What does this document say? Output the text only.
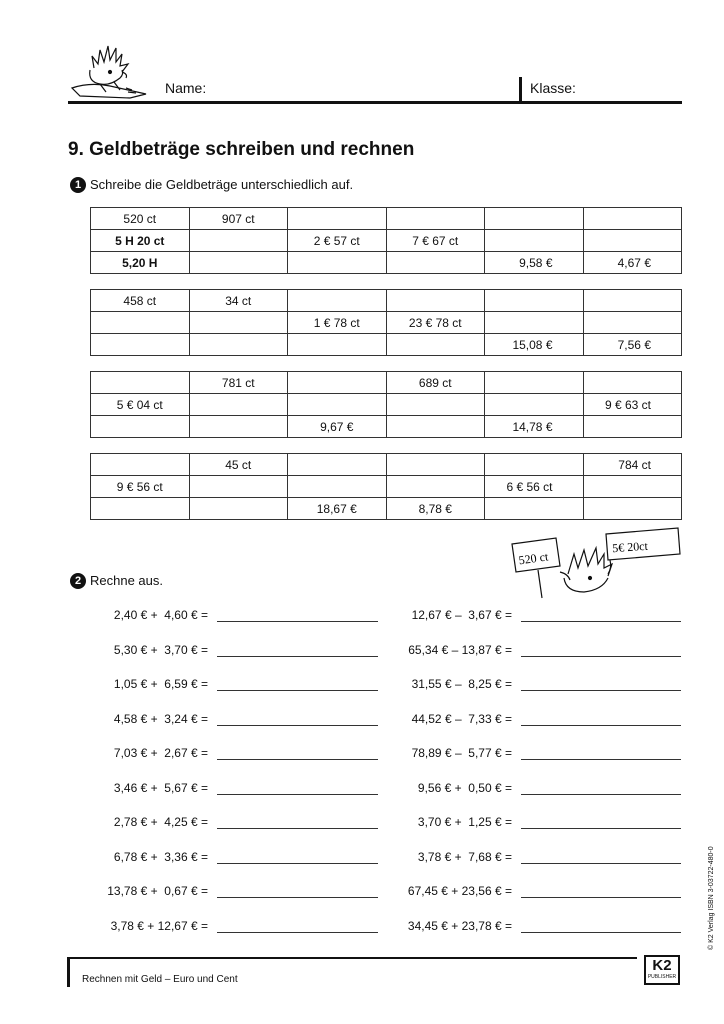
Name:	Klasse:
9. Geldbeträge schreiben und rechnen
1 Schreibe die Geldbeträge unterschiedlich auf.
520 ct	907 ct				
5 H 20 ct		2 € 57 ct	7 € 67 ct		
5,20 H				9,58 €	4,67 €
458 ct	34 ct				
		1 € 78 ct	23 € 78 ct		
				15,08 €	7,56 €
	781 ct		689 ct		
5 € 04 ct					9 € 63 ct
		9,67 €		14,78 €	
	45 ct				784 ct
9 € 56 ct				6 € 56 ct	
		18,67 €	8,78 €		
520 ct
5€ 20ct
2 Rechne aus.
2,40 € +  4,60 € =
5,30 € +  3,70 € =
1,05 € +  6,59 € =
4,58 € +  3,24 € =
7,03 € +  2,67 € =
3,46 € +  5,67 € =
2,78 € +  4,25 € =
6,78 € +  3,36 € =
13,78 € +  0,67 € =
3,78 € + 12,67 € =
12,67 € –  3,67 € =
65,34 € – 13,87 € =
31,55 € –  8,25 € =
44,52 € –  7,33 € =
78,89 € –  5,77 € =
9,56 € +  0,50 € =
3,70 € +  1,25 € =
3,78 € +  7,68 € =
67,45 € + 23,56 € =
34,45 € + 23,78 € =
Rechnen mit Geld – Euro und Cent
K2
PUBLISHER
© K2 Verlag ISBN 3-03722-480-0
